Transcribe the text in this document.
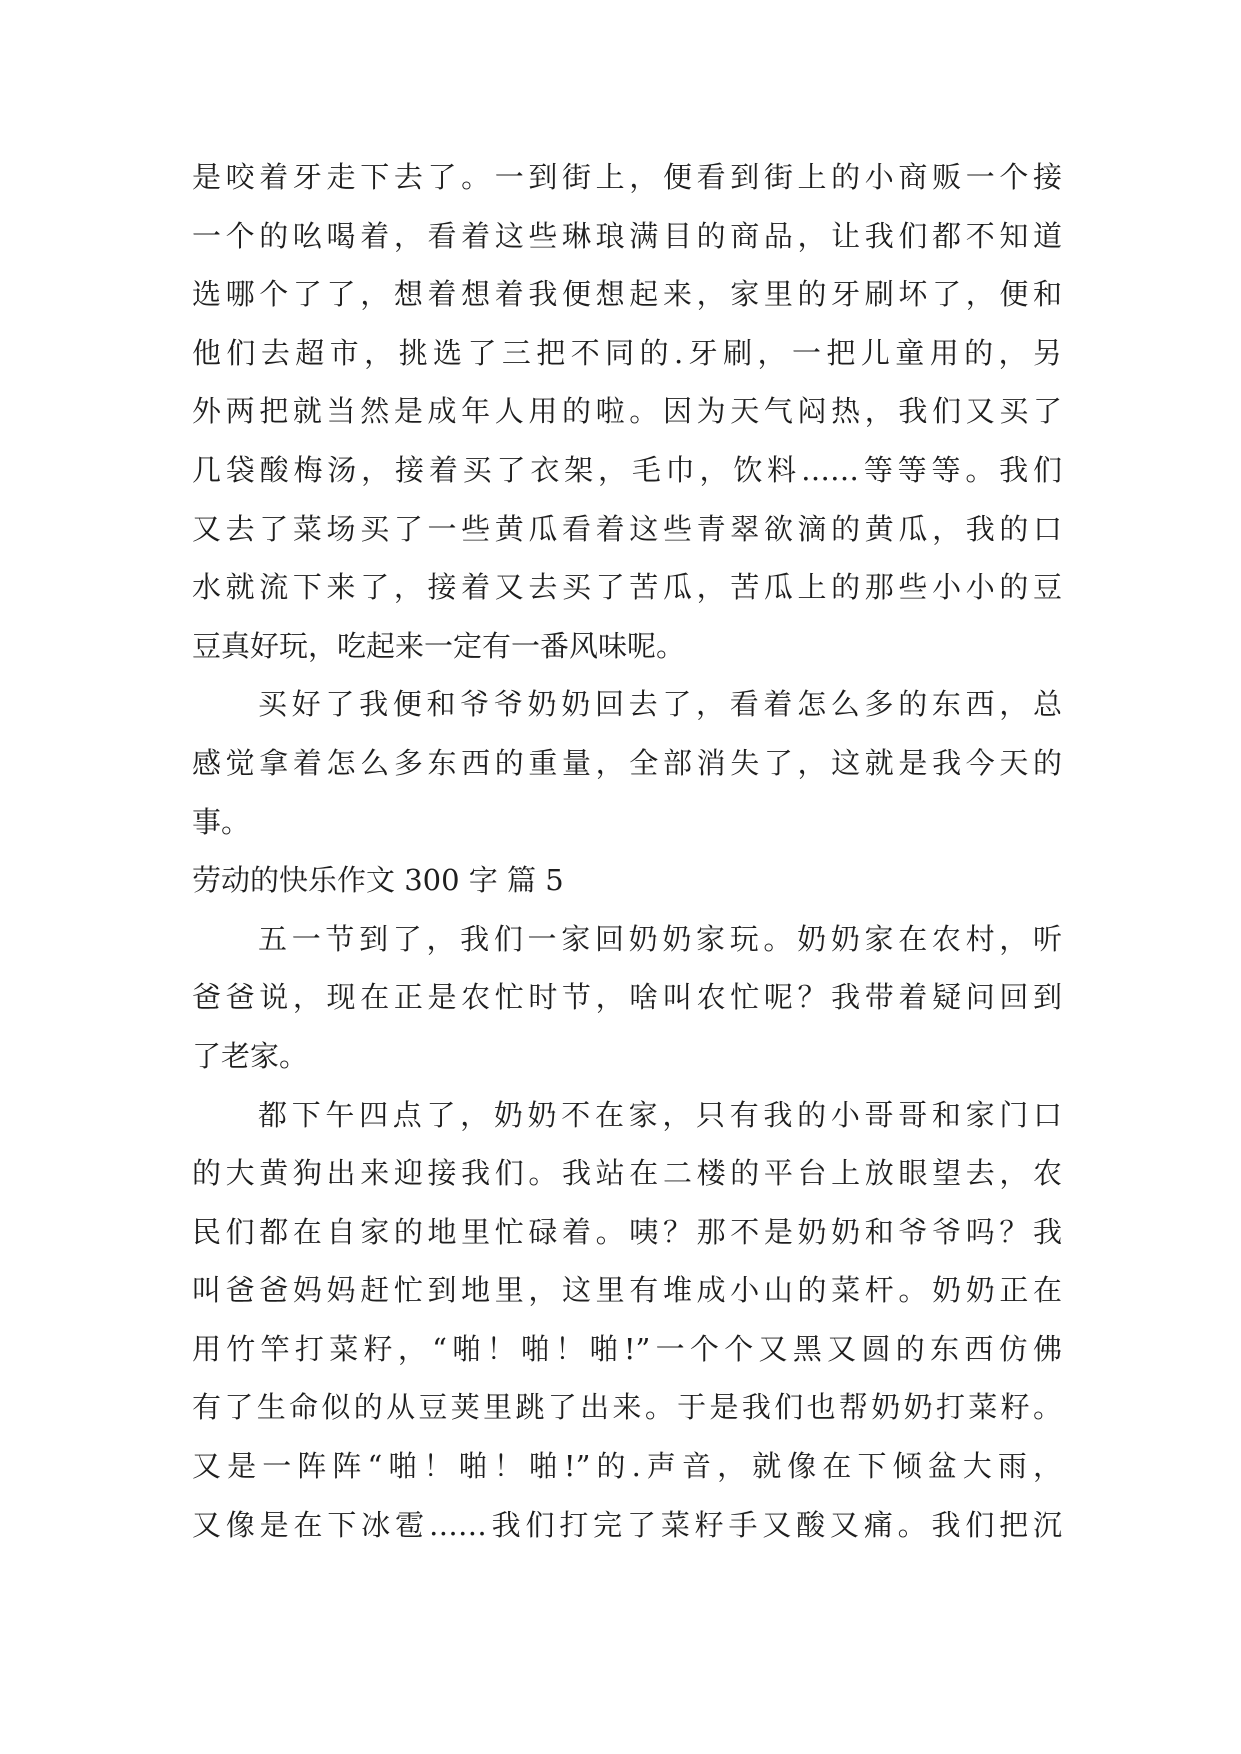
是咬着牙走下去了。一到街上，便看到街上的小商贩一个接
一个的吆喝着，看着这些琳琅满目的商品，让我们都不知道
选哪个了了，想着想着我便想起来，家里的牙刷坏了，便和
他们去超市，挑选了三把不同的.牙刷，一把儿童用的，另
外两把就当然是成年人用的啦。因为天气闷热，我们又买了
几袋酸梅汤，接着买了衣架，毛巾，饮料……等等等。我们
又去了菜场买了一些黄瓜看着这些青翠欲滴的黄瓜，我的口
水就流下来了，接着又去买了苦瓜，苦瓜上的那些小小的豆
豆真好玩，吃起来一定有一番风味呢。
买好了我便和爷爷奶奶回去了，看着怎么多的东西，总
感觉拿着怎么多东西的重量，全部消失了，这就是我今天的
事。
劳动的快乐作文 300 字 篇 5
五一节到了，我们一家回奶奶家玩。奶奶家在农村，听
爸爸说，现在正是农忙时节，啥叫农忙呢？我带着疑问回到
了老家。
都下午四点了，奶奶不在家，只有我的小哥哥和家门口
的大黄狗出来迎接我们。我站在二楼的平台上放眼望去，农
民们都在自家的地里忙碌着。咦？那不是奶奶和爷爷吗？我
叫爸爸妈妈赶忙到地里，这里有堆成小山的菜杆。奶奶正在
用竹竿打菜籽，“啪！啪！啪!”一个个又黑又圆的东西仿佛
有了生命似的从豆荚里跳了出来。于是我们也帮奶奶打菜籽。
又是一阵阵“啪！啪！啪!”的.声音，就像在下倾盆大雨，
又像是在下冰雹……我们打完了菜籽手又酸又痛。我们把沉
